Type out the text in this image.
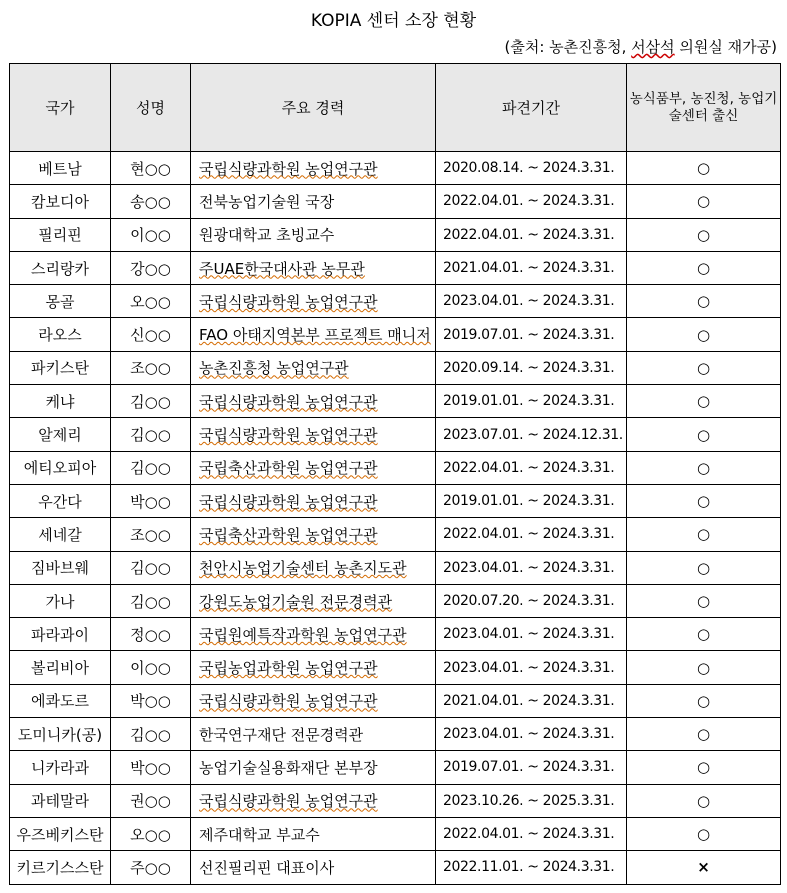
KOPIA 센터 소장 현황
(출처: 농촌진흥청, 서삼석 의원실 재가공)
국가	성명	주요 경력	파견기간	농식품부, 농진청, 농업기술센터 출신
베트남	현○○	국립식량과학원 농업연구관	2020.08.14. ~ 2024.3.31.	○
캄보디아	송○○	전북농업기술원 국장	2022.04.01. ~ 2024.3.31.	○
필리핀	이○○	원광대학교 초빙교수	2022.04.01. ~ 2024.3.31.	○
스리랑카	강○○	주UAE한국대사관 농무관	2021.04.01. ~ 2024.3.31.	○
몽골	오○○	국립식량과학원 농업연구관	2023.04.01. ~ 2024.3.31.	○
라오스	신○○	FAO 아태지역본부 프로젝트 매니저	2019.07.01. ~ 2024.3.31.	○
파키스탄	조○○	농촌진흥청 농업연구관	2020.09.14. ~ 2024.3.31.	○
케냐	김○○	국립식량과학원 농업연구관	2019.01.01. ~ 2024.3.31.	○
알제리	김○○	국립식량과학원 농업연구관	2023.07.01. ~ 2024.12.31.	○
에티오피아	김○○	국립축산과학원 농업연구관	2022.04.01. ~ 2024.3.31.	○
우간다	박○○	국립식량과학원 농업연구관	2019.01.01. ~ 2024.3.31.	○
세네갈	조○○	국립축산과학원 농업연구관	2022.04.01. ~ 2024.3.31.	○
짐바브웨	김○○	천안시농업기술센터 농촌지도관	2023.04.01. ~ 2024.3.31.	○
가나	김○○	강원도농업기술원 전문경력관	2020.07.20. ~ 2024.3.31.	○
파라과이	정○○	국립원예특작과학원 농업연구관	2023.04.01. ~ 2024.3.31.	○
볼리비아	이○○	국립농업과학원 농업연구관	2023.04.01. ~ 2024.3.31.	○
에콰도르	박○○	국립식량과학원 농업연구관	2021.04.01. ~ 2024.3.31.	○
도미니카(공)	김○○	한국연구재단 전문경력관	2023.04.01. ~ 2024.3.31.	○
니카라과	박○○	농업기술실용화재단 본부장	2019.07.01. ~ 2024.3.31.	○
과테말라	권○○	국립식량과학원 농업연구관	2023.10.26. ~ 2025.3.31.	○
우즈베키스탄	오○○	제주대학교 부교수	2022.04.01. ~ 2024.3.31.	○
키르기스스탄	주○○	선진필리핀 대표이사	2022.11.01. ~ 2024.3.31.	×
